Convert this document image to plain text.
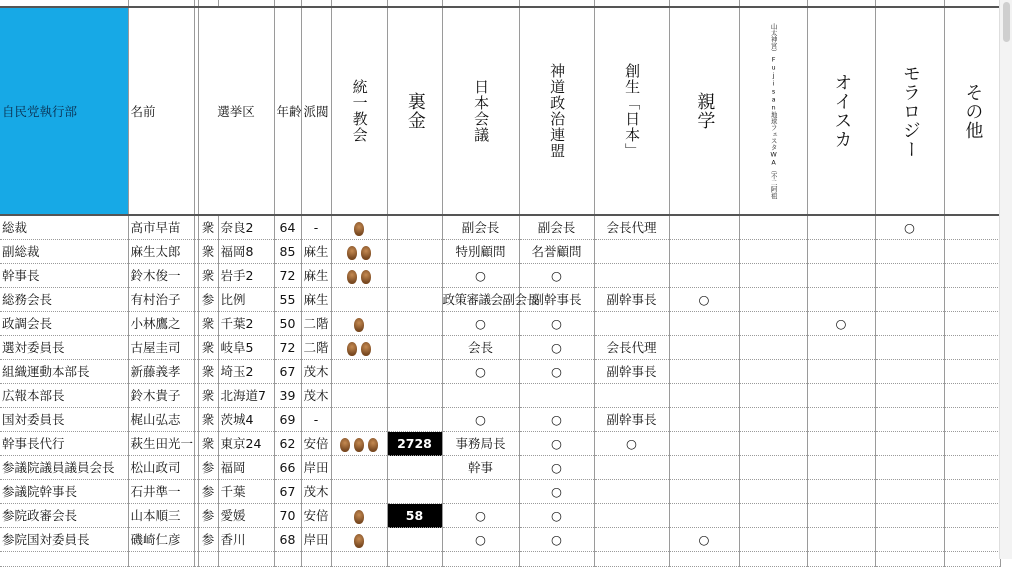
自民党執行部	名前		選挙区		年齢	派閥	統一教会	裏金	日本会議	神道政治連盟	創生「日本」	親学	山太神宮）Fujisan地球フェスタWA（不二阿祖	オイスカ	モラロジー	その他

総裁	高市早苗		衆	奈良2	64	-			副会長	副会長	会長代理				○	
副総裁	麻生太郎		衆	福岡8	85	麻生			特別顧問	名誉顧問						
幹事長	鈴木俊一		衆	岩手2	72	麻生			○	○						
総務会長	有村治子		参	比例	55	麻生			政策審議会副会長	副幹事長	副幹事長	○				
政調会長	小林鷹之		衆	千葉2	50	二階			○	○				○		
選対委員長	古屋圭司		衆	岐阜5	72	二階			会長	○	会長代理					
組織運動本部長	新藤義孝		衆	埼玉2	67	茂木			○	○	副幹事長					
広報本部長	鈴木貴子		衆	北海道7	39	茂木										
国対委員長	梶山弘志		衆	茨城4	69	-			○	○	副幹事長					
幹事長代行	萩生田光一		衆	東京24	62	安倍		2728	事務局長	○	○					
参議院議員議員会長	松山政司		参	福岡	66	岸田			幹事	○						
参議院幹事長	石井準一		参	千葉	67	茂木				○						
参院政審会長	山本順三		参	愛媛	70	安倍		58	○	○						
参院国対委員長	磯崎仁彦		参	香川	68	岸田			○	○		○				
